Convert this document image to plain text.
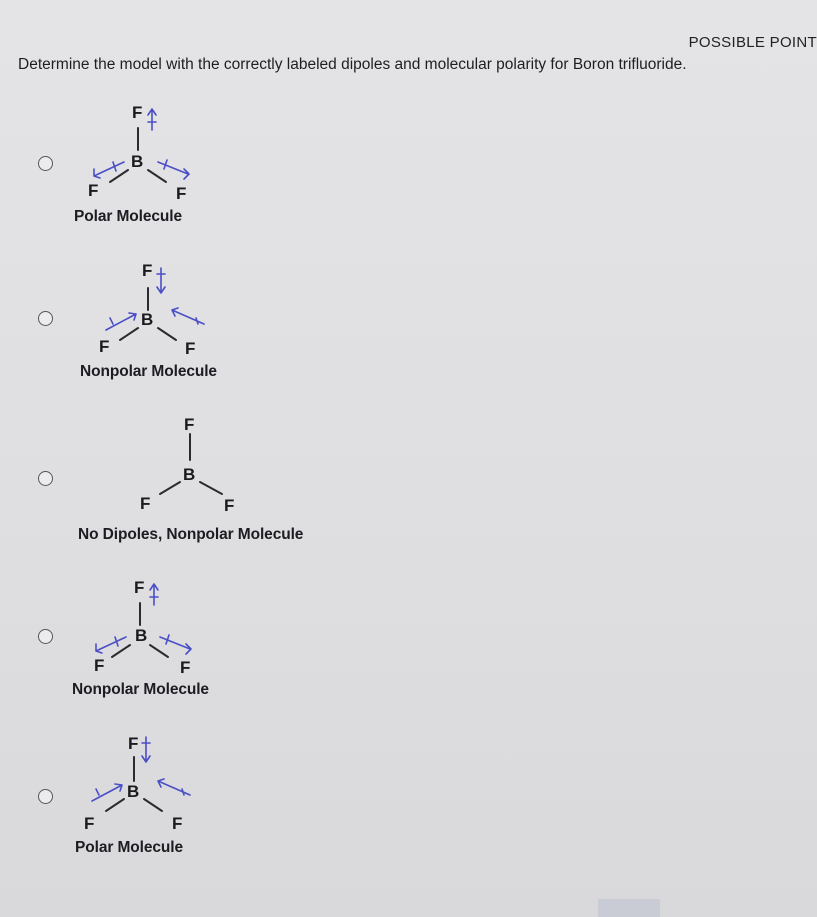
POSSIBLE POINT
Determine the model with the correctly labeled dipoles and molecular polarity for Boron trifluoride.
F
B
F	F
Polar Molecule
F
B
F	F
Nonpolar Molecule
F
B
F	F
No Dipoles, Nonpolar Molecule
F
B
F	F
Nonpolar Molecule
F
B
F	F
Polar Molecule
